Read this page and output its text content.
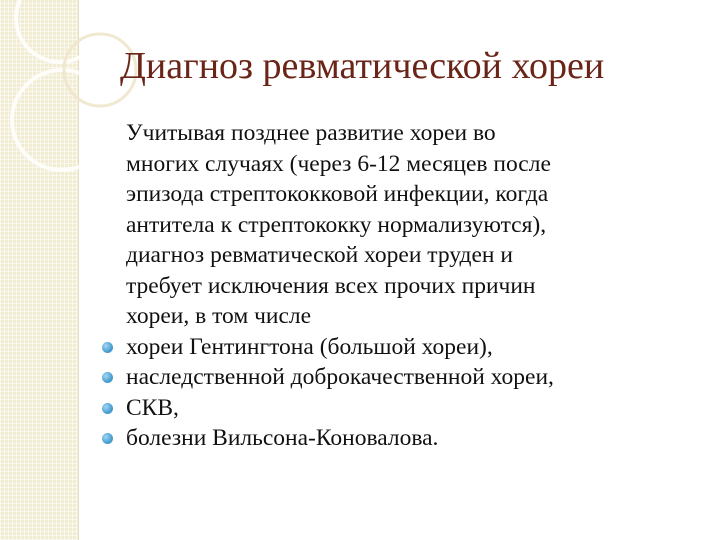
Диагноз ревматической хореи

Учитывая позднее развитие хореи во
многих случаях (через 6-12 месяцев после
эпизода стрептококковой инфекции, когда
антитела к стрептококку нормализуются),
диагноз ревматической хореи труден и
требует исключения всех прочих причин
хореи, в том числе

хореи Гентингтона (большой хореи),
наследственной доброкачественной хореи,
СКВ,
болезни Вильсона-Коновалова.
